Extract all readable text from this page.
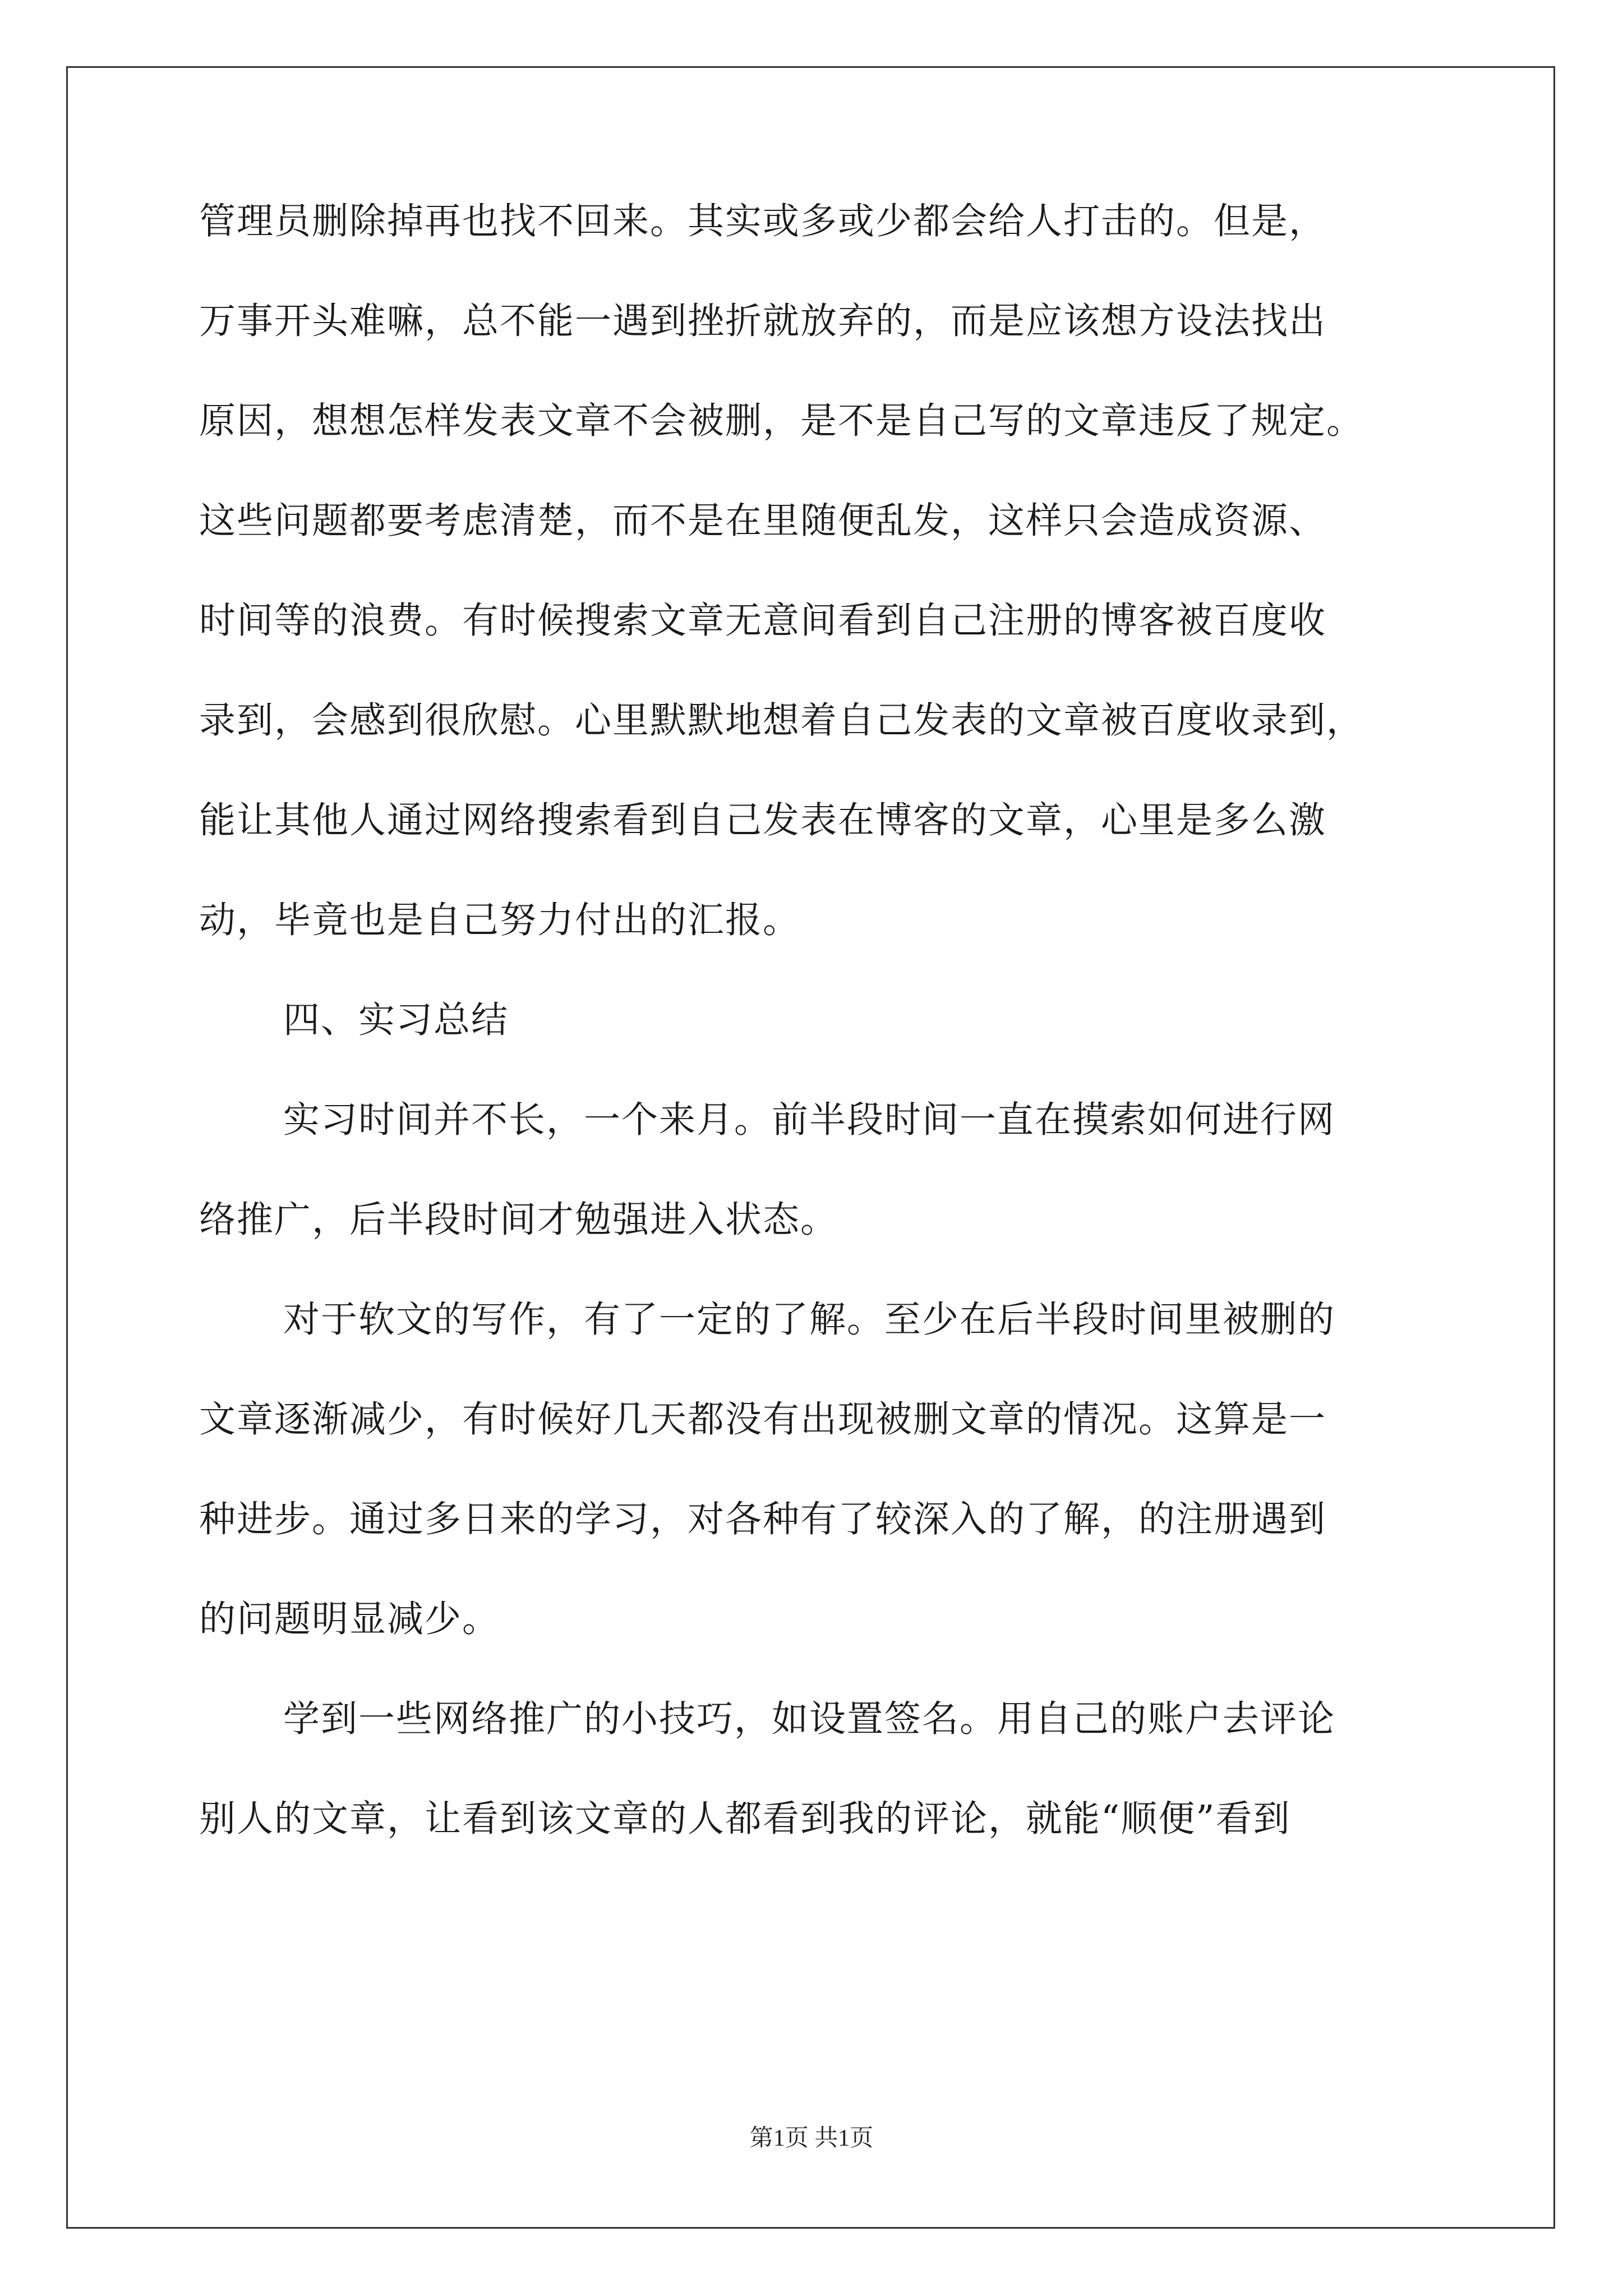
管理员删除掉再也找不回来。其实或多或少都会给人打击的。但是，
万事开头难嘛，总不能一遇到挫折就放弃的，而是应该想方设法找出
原因，想想怎样发表文章不会被删，是不是自己写的文章违反了规定。
这些问题都要考虑清楚，而不是在里随便乱发，这样只会造成资源、
时间等的浪费。有时候搜索文章无意间看到自己注册的博客被百度收
录到，会感到很欣慰。心里默默地想着自己发表的文章被百度收录到，
能让其他人通过网络搜索看到自己发表在博客的文章，心里是多么激
动，毕竟也是自己努力付出的汇报。
四、实习总结
实习时间并不长，一个来月。前半段时间一直在摸索如何进行网
络推广，后半段时间才勉强进入状态。
对于软文的写作，有了一定的了解。至少在后半段时间里被删的
文章逐渐减少，有时候好几天都没有出现被删文章的情况。这算是一
种进步。通过多日来的学习，对各种有了较深入的了解，的注册遇到
的问题明显减少。
学到一些网络推广的小技巧，如设置签名。用自己的账户去评论
别人的文章，让看到该文章的人都看到我的评论，就能“顺便”看到
第1页 共1页
